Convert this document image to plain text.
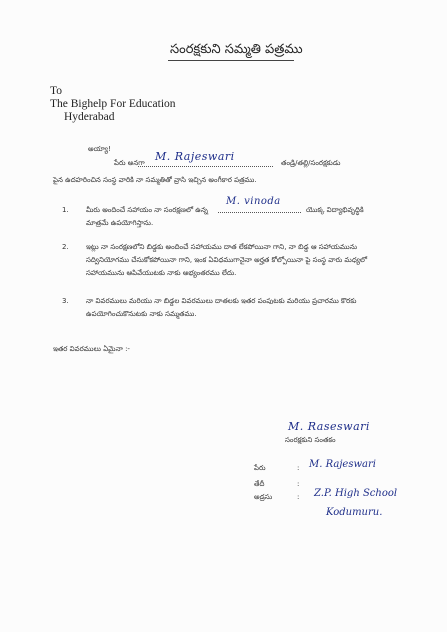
సంరక్షకుని సమ్మతి పత్రము
To
The Bighelp For Education
Hyderabad
అయ్యా!
పేరు అనగా M. Rajeswari	తండ్రి/తల్లి/సంరక్షకుడు
పైన ఉదహరించిన సంస్థ వారికి నా సమ్మతితో వ్రాసి ఇచ్చిన అంగీకార పత్రము.
1. మీరు అందించే సహాయం నా సంరక్షణలో ఉన్న
M. vinoda
యొక్క విద్యాభివృద్ధికి
మాత్రమే ఉపయోగిస్తాను.
2. ఇట్లు నా సంరక్షణలోని బిడ్డకు అందించే సహాయము దాత లేకపోయినా గాని, నా బిడ్డ ఆ సహాయమును
సద్వినియోగము చేసుకోకపోయినా గాని, ఇంక ఏవిధముగానైనా అర్హత కోల్పోయినా పై సంస్థ వారు మధ్యలో
సహాయమును ఆపివేయుటకు నాకు అభ్యంతరము లేదు.
3. నా వివరములు మరియు నా బిడ్డల వివరములు దాతలకు ఇతర పంపుటకు మరియు ప్రచారము కొరకు
ఉపయోగించుకొనుటకు నాకు సమ్మతము.
ఇతర వివరములు ఏమైనా :-
M. Raseswari
సంరక్షకుని సంతకం
పేరు	: M. Rajeswari
తేదీ	:
అడ్రసు	: Z.P. High School
Kodumuru.
